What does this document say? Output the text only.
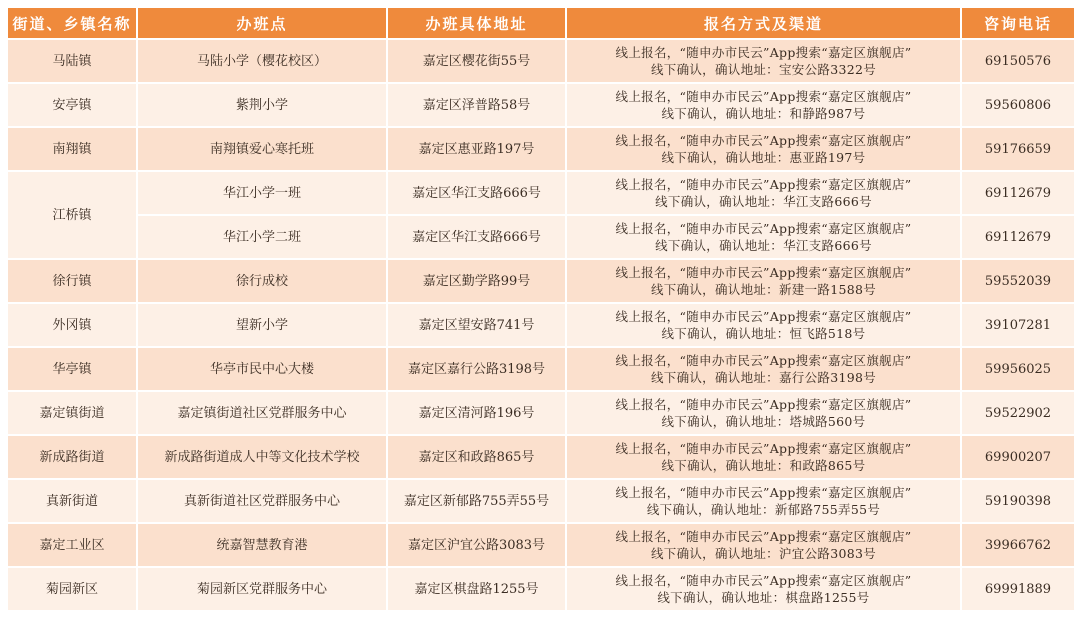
街道、乡镇名称	办班点	办班具体地址	报名方式及渠道	咨询电话
马陆镇	马陆小学（樱花校区）	嘉定区樱花街55号	线上报名，“随申办市民云”App搜索“嘉定区旗舰店”
线下确认，确认地址：宝安公路3322号	69150576
安亭镇	紫荆小学	嘉定区泽普路58号	线上报名，“随申办市民云”App搜索“嘉定区旗舰店”
线下确认，确认地址：和静路987号	59560806
南翔镇	南翔镇爱心寒托班	嘉定区惠亚路197号	线上报名，“随申办市民云”App搜索“嘉定区旗舰店”
线下确认，确认地址：惠亚路197号	59176659
江桥镇	华江小学一班	嘉定区华江支路666号	线上报名，“随申办市民云”App搜索“嘉定区旗舰店”
线下确认，确认地址：华江支路666号	69112679
	华江小学二班	嘉定区华江支路666号	线上报名，“随申办市民云”App搜索“嘉定区旗舰店”
线下确认，确认地址：华江支路666号	69112679
徐行镇	徐行成校	嘉定区勤学路99号	线上报名，“随申办市民云”App搜索“嘉定区旗舰店”
线下确认，确认地址：新建一路1588号	59552039
外冈镇	望新小学	嘉定区望安路741号	线上报名，“随申办市民云”App搜索“嘉定区旗舰店”
线下确认，确认地址：恒飞路518号	39107281
华亭镇	华亭市民中心大楼	嘉定区嘉行公路3198号	线上报名，“随申办市民云”App搜索“嘉定区旗舰店”
线下确认，确认地址：嘉行公路3198号	59956025
嘉定镇街道	嘉定镇街道社区党群服务中心	嘉定区清河路196号	线上报名，“随申办市民云”App搜索“嘉定区旗舰店”
线下确认，确认地址：塔城路560号	59522902
新成路街道	新成路街道成人中等文化技术学校	嘉定区和政路865号	线上报名，“随申办市民云”App搜索“嘉定区旗舰店”
线下确认，确认地址：和政路865号	69900207
真新街道	真新街道社区党群服务中心	嘉定区新郁路755弄55号	线上报名，“随申办市民云”App搜索“嘉定区旗舰店”
线下确认，确认地址：新郁路755弄55号	59190398
嘉定工业区	统嘉智慧教育港	嘉定区沪宜公路3083号	线上报名，“随申办市民云”App搜索“嘉定区旗舰店”
线下确认，确认地址：沪宜公路3083号	39966762
菊园新区	菊园新区党群服务中心	嘉定区棋盘路1255号	线上报名，“随申办市民云”App搜索“嘉定区旗舰店”
线下确认，确认地址：棋盘路1255号	69991889
